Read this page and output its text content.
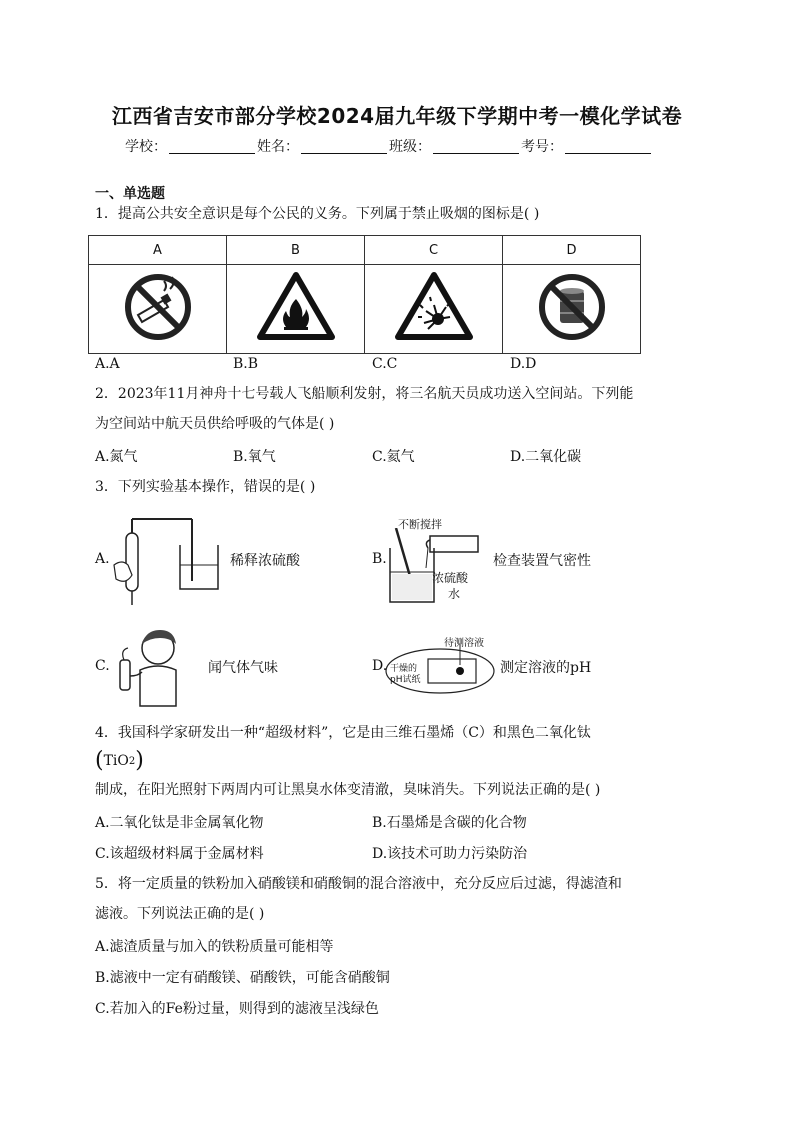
江西省吉安市部分学校2024届九年级下学期中考一模化学试卷
学校：	姓名：	班级：	考号：
一、单选题
1．提高公共安全意识是每个公民的义务。下列属于禁止吸烟的图标是( )
A	B	C	D

A.A	B.B	C.C	D.D
2．2023年11月神舟十七号载人飞船顺利发射，将三名航天员成功送入空间站。下列能
为空间站中航天员供给呼吸的气体是( )
A.氮气	C.氦气
B.氧气	D.二氧化碳
3．下列实验基本操作，错误的是( )
A.	稀释浓硫酸	B.
不断搅拌
检查装置气密性
浓硫酸
水
C.	闻气体气味	D.
待测溶液
干燥的
pH试纸
测定溶液的pH
4．我国科学家研发出一种“超级材料”，它是由三维石墨烯（C）和黑色二氧化钛
( TiO 2 )
制成，在阳光照射下两周内可让黑臭水体变清澈，臭味消失。下列说法正确的是( )
A.二氧化钛是非金属氧化物	B.石墨烯是含碳的化合物
C.该超级材料属于金属材料	D.该技术可助力污染防治
5．将一定质量的铁粉加入硝酸镁和硝酸铜的混合溶液中，充分反应后过滤，得滤渣和
滤液。下列说法正确的是( )
A.滤渣质量与加入的铁粉质量可能相等
B.滤液中一定有硝酸镁、硝酸铁，可能含硝酸铜
C.若加入的Fe粉过量，则得到的滤液呈浅绿色
